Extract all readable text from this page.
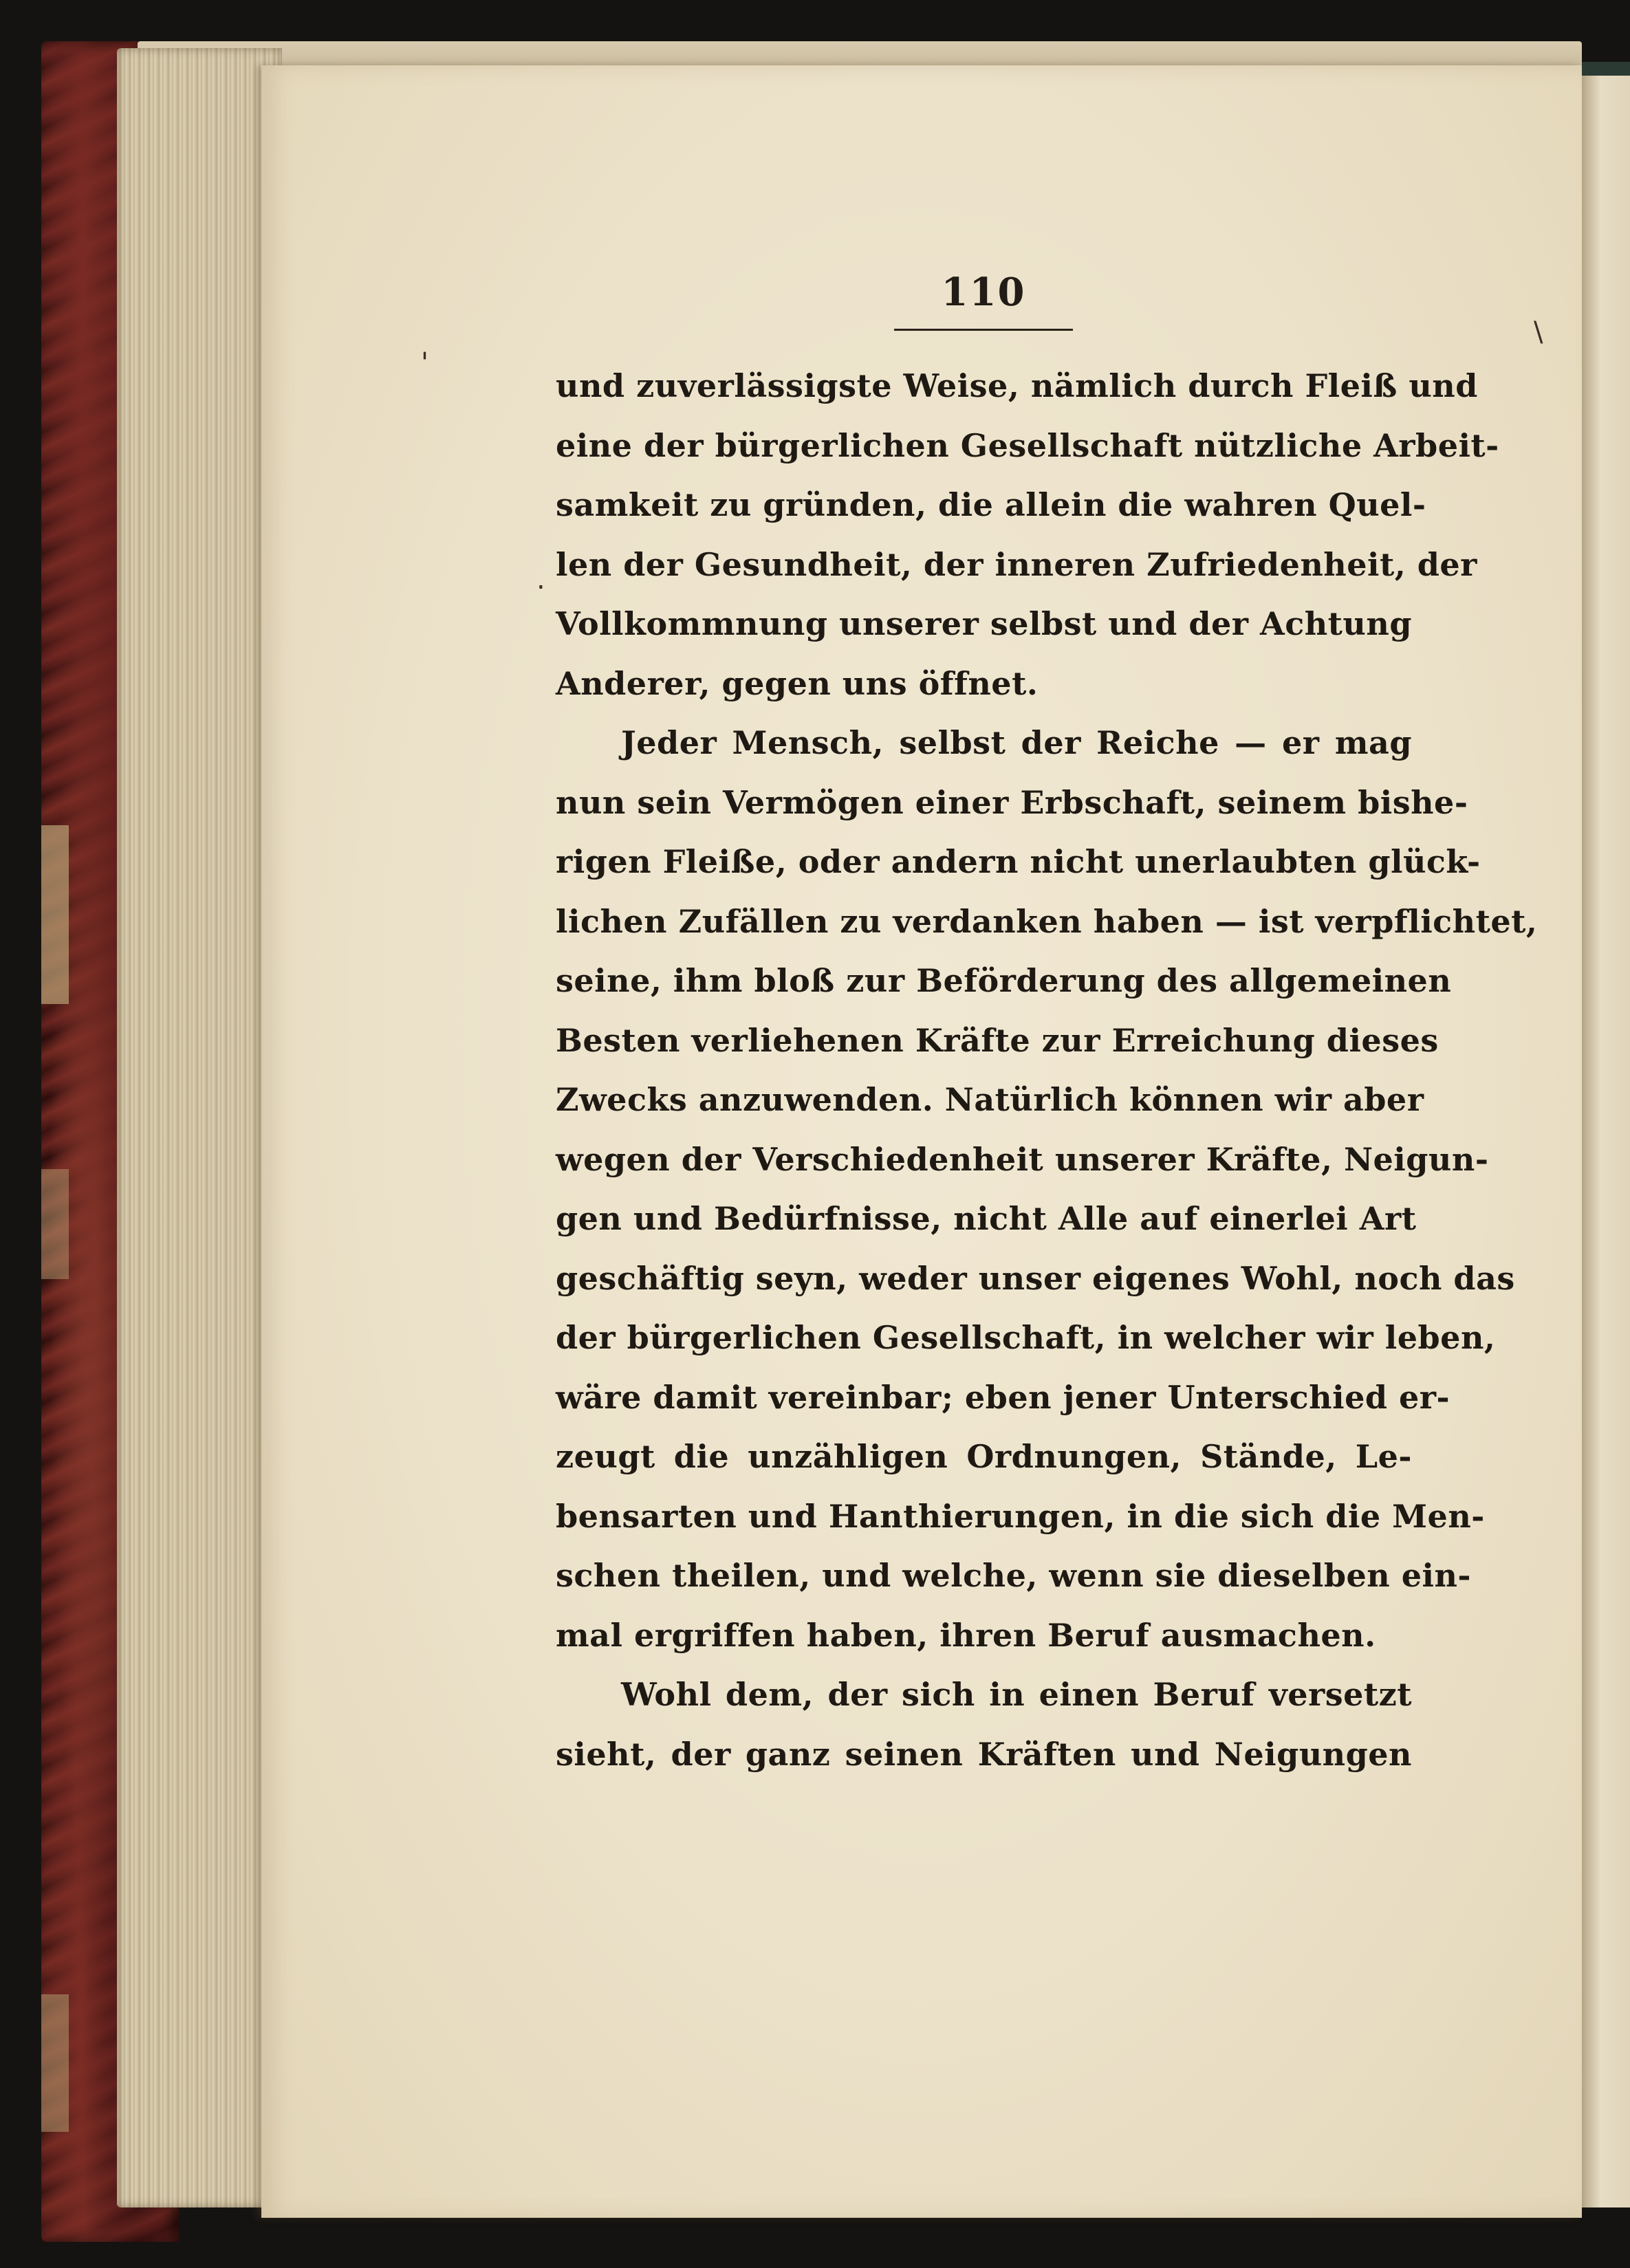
'
\
.
110
und zuverlässigste Weise, nämlich durch Fleiß und
eine der bürgerlichen Gesellschaft nützliche Arbeit-
samkeit zu gründen, die allein die wahren Quel-
len der Gesundheit, der inneren Zufriedenheit, der
Vollkommnung unserer selbst und der Achtung
Anderer, gegen uns öffnet.
Jeder Mensch, selbst der Reiche — er mag
nun sein Vermögen einer Erbschaft, seinem bishe-
rigen Fleiße, oder andern nicht unerlaubten glück-
lichen Zufällen zu verdanken haben — ist verpflichtet,
seine, ihm bloß zur Beförderung des allgemeinen
Besten verliehenen Kräfte zur Erreichung dieses
Zwecks anzuwenden. Natürlich können wir aber
wegen der Verschiedenheit unserer Kräfte, Neigun-
gen und Bedürfnisse, nicht Alle auf einerlei Art
geschäftig seyn, weder unser eigenes Wohl, noch das
der bürgerlichen Gesellschaft, in welcher wir leben,
wäre damit vereinbar; eben jener Unterschied er-
zeugt die unzähligen Ordnungen, Stände, Le-
bensarten und Hanthierungen, in die sich die Men-
schen theilen, und welche, wenn sie dieselben ein-
mal ergriffen haben, ihren Beruf ausmachen.
Wohl dem, der sich in einen Beruf versetzt
sieht, der ganz seinen Kräften und Neigungen
